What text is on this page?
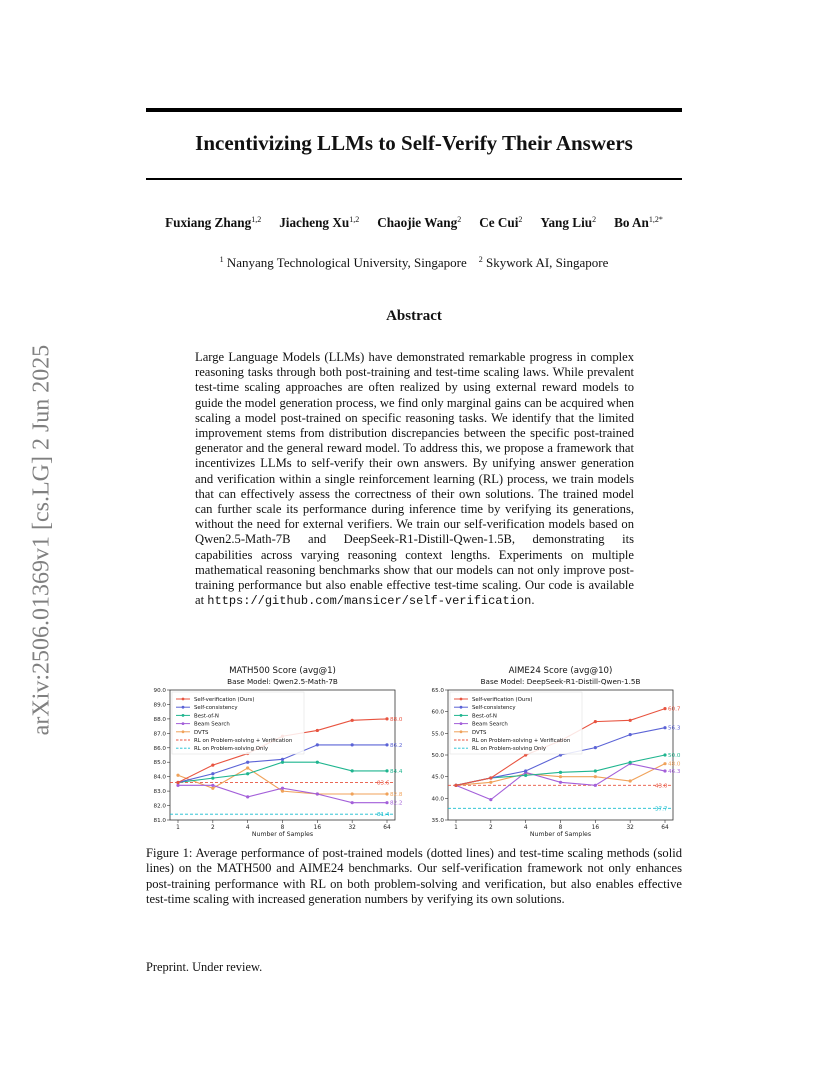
arXiv:2506.01369v1 [cs.LG] 2 Jun 2025
Incentivizing LLMs to Self-Verify Their Answers
Fuxiang Zhang$^{1,2}$ Jiacheng Xu$^{1,2}$ Chaojie Wang$^2$ Ce Cui$^2$ Yang Liu$^2$ Bo $An^{1,2*}$
$^1$ Nanyang Technological University, Singapore $^2$ Skywork AI, Singapore
Abstract

Large Language Models (LLMs) have demonstrated remarkable progress in complex reasoning tasks through both post-training and test-time scaling laws. While prevalent test-time scaling approaches are often realized by using external reward models to guide the model generation process, we find only marginal gains can be acquired when scaling a model post-trained on specific reasoning tasks. We identify that the limited improvement stems from distribution discrepancies between the specific post-trained generator and the general reward model. To address this, we propose a framework that incentivizes LLMs to self-verify their own answers. By unifying answer generation and verification within a single reinforcement learning (RL) process, we train models that can effectively assess the correctness of their own solutions. The trained model can further scale its performance during inference time by verifying its generations, without the need for external verifiers. We train our self-verification models based on Qwen2.5-Math-7B and DeepSeek-R1-Distill-Qwen-1.5B, demonstrating its capabilities across varying reasoning context lengths. Experiments on multiple mathematical reasoning benchmarks show that our models can not only improve post-training performance but also enable effective test-time scaling. Our code is available at https://github.com/mansicer/self-verification.

MATH500 Score (avg@1)
Base Model: Qwen2.5-Math-7B
81.0
82.0
83.0
84.0
85.0
86.0
87.0
88.0
89.0
90.0
1	2	4	8	16	32	64
Number of Samples
88.0
86.2
84.4
82.2
82.8
83.6
81.4
Self-verification (Ours)
Self-consistency
Best-of-N
Beam Search
DVTS
RL on Problem-solving + Verification
RL on Problem-solving Only
AIME24 Score (avg@10)
Base Model: DeepSeek-R1-Distill-Qwen-1.5B
35.0
40.0
45.0
50.0
55.0
60.0
65.0
1	2	4	8	16	32	64
Number of Samples
60.7
56.3
50.0
46.3
48.0
43.0
37.7
Self-verification (Ours)
Self-consistency
Best-of-N
Beam Search
DVTS
RL on Problem-solving + Verification
RL on Problem-solving Only

Figure 1: Average performance of post-trained models (dotted lines) and test-time scaling methods (solid lines) on the MATH500 and AIME24 benchmarks. Our self-verification framework not only enhances post-training performance with RL on both problem-solving and verification, but also enables effective test-time scaling with increased generation numbers by verifying its own solutions.

Preprint. Under review.
